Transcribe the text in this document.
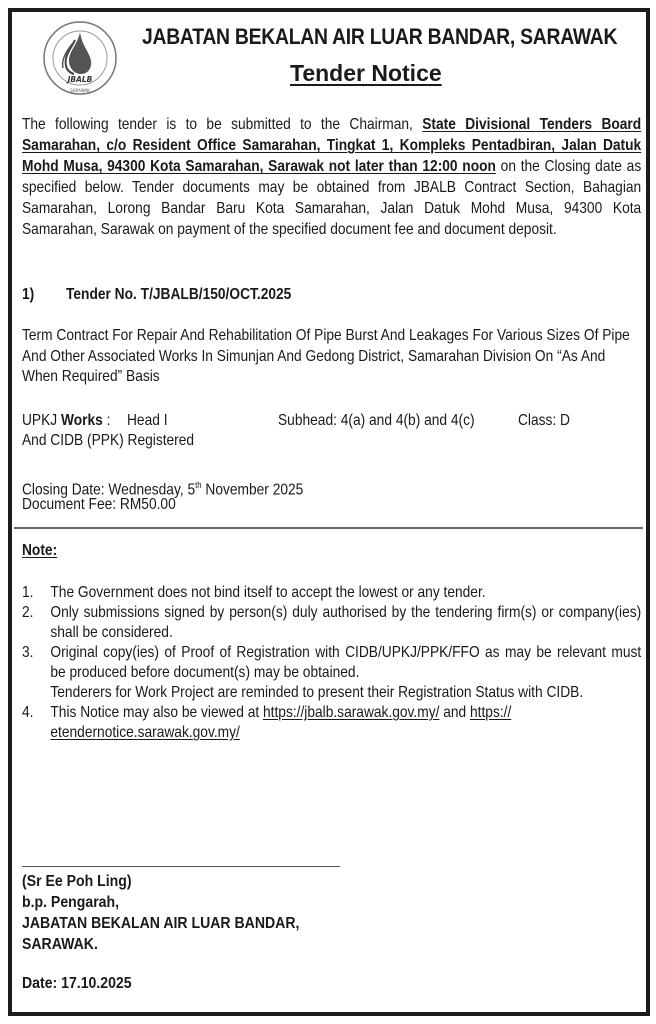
JBALB
SARAWAK
JABATAN BEKALAN AIR LUAR BANDAR, SARAWAK
Tender Notice
The following tender is to be submitted to the Chairman, State Divisional Tenders Board Samarahan, c/o Resident Office Samarahan, Tingkat 1, Kompleks Pentadbiran, Jalan Datuk Mohd Musa, 94300 Kota Samarahan, Sarawak not later than 12:00 noon on the Closing date as specified below. Tender documents may be obtained from JBALB Contract Section, Bahagian Samarahan, Lorong Bandar Baru Kota Samarahan, Jalan Datuk Mohd Musa, 94300 Kota Samarahan, Sarawak on payment of the specified document fee and document deposit.
1) Tender No. T/JBALB/150/OCT.2025
Term Contract For Repair And Rehabilitation Of Pipe Burst And Leakages For Various Sizes Of Pipe And Other Associated Works In Simunjan And Gedong District, Samarahan Division On “As And When Required” Basis
UPKJ Works : Head I	Subhead: 4(a) and 4(b) and 4(c)	Class: D
And CIDB (PPK) Registered
Closing Date: Wednesday, 5th November 2025
Document Fee: RM50.00
Note:
1. The Government does not bind itself to accept the lowest or any tender.
2. Only submissions signed by person(s) duly authorised by the tendering firm(s) or company(ies) shall be considered.
3. Original copy(ies) of Proof of Registration with CIDB/UPKJ/PPK/FFO as may be relevant must be produced before document(s) may be obtained.
Tenderers for Work Project are reminded to present their Registration Status with CIDB.
4. This Notice may also be viewed at https://jbalb.sarawak.gov.my/ and https:// etendernotice.sarawak.gov.my/
(Sr Ee Poh Ling)
b.p. Pengarah,
JABATAN BEKALAN AIR LUAR BANDAR,
SARAWAK.
Date: 17.10.2025
